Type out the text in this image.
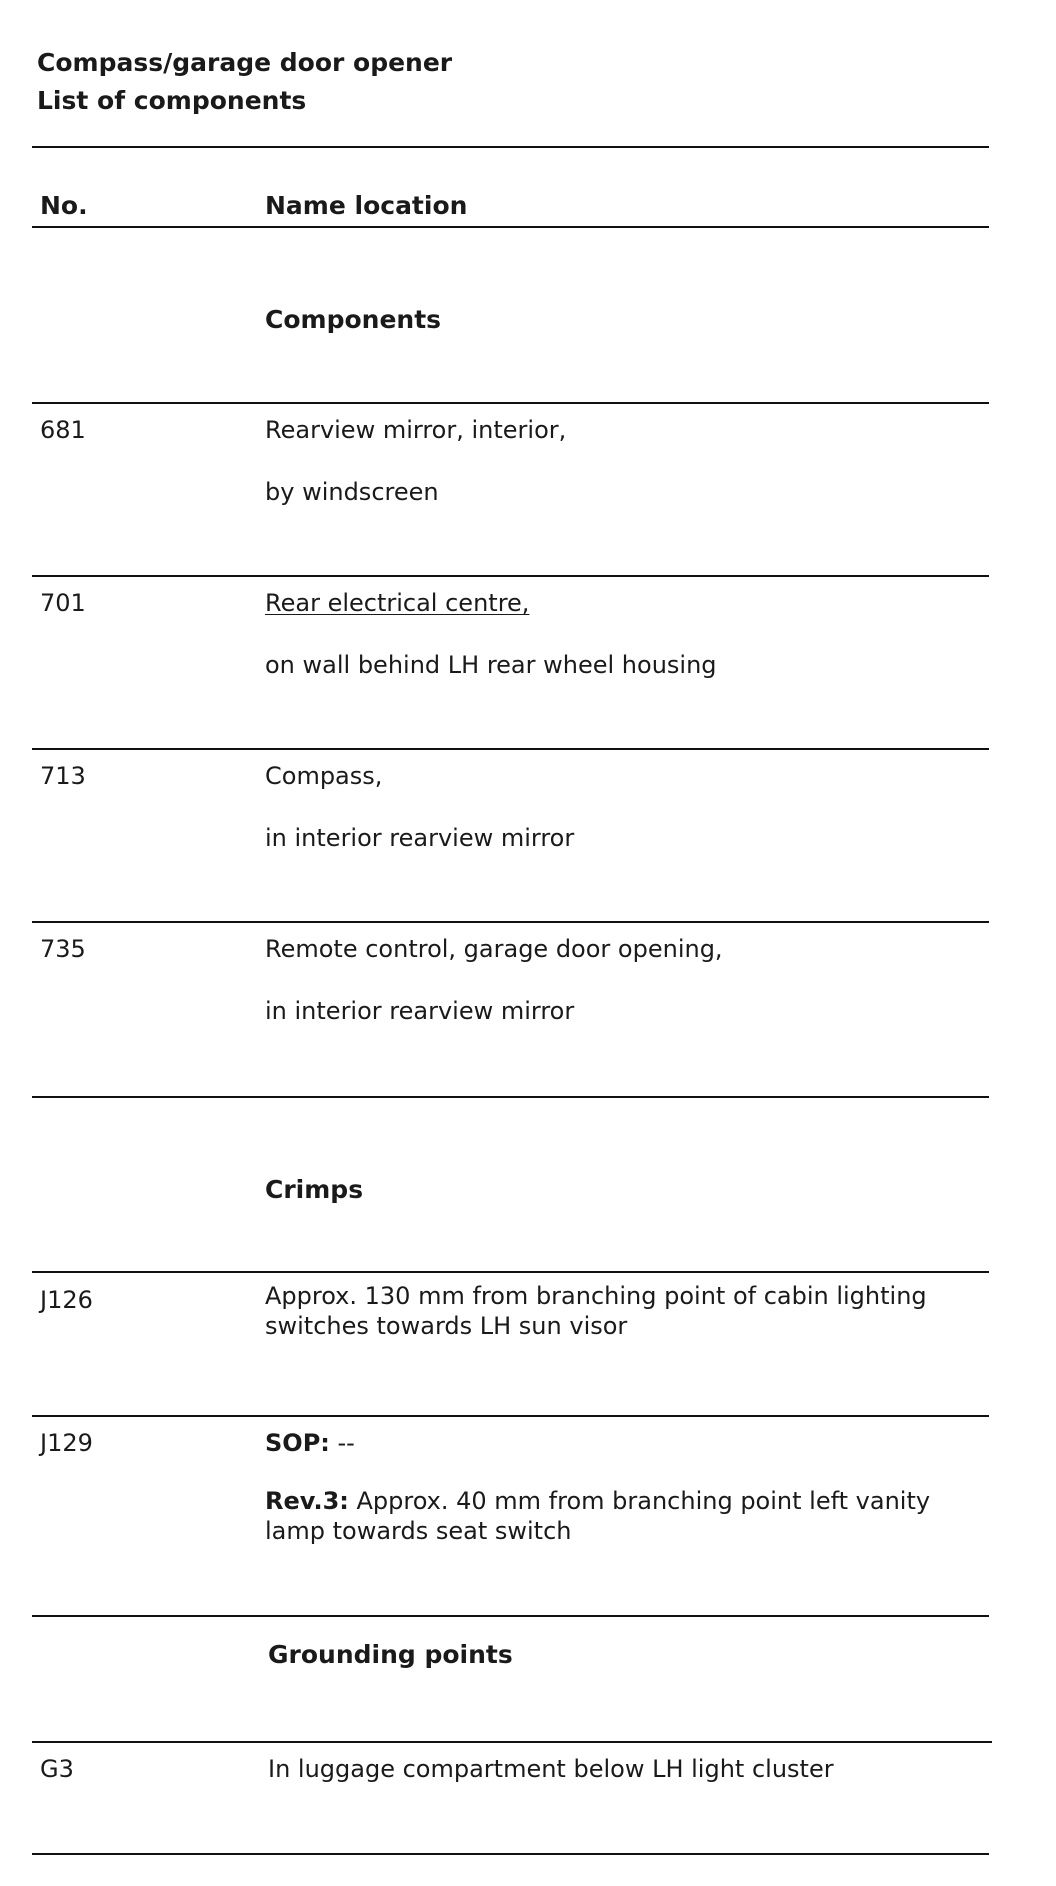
Compass/garage door opener
List of components
No.	Name location
Components
681	Rearview mirror, interior,
by windscreen
701	Rear electrical centre,
on wall behind LH rear wheel housing
713	Compass,
in interior rearview mirror
735	Remote control, garage door opening,
in interior rearview mirror
Crimps
J126	Approx. 130 mm from branching point of cabin lighting switches towards LH sun visor
J129	SOP: --
Rev.3: Approx. 40 mm from branching point left vanity lamp towards seat switch
Grounding points
G3	In luggage compartment below LH light cluster
